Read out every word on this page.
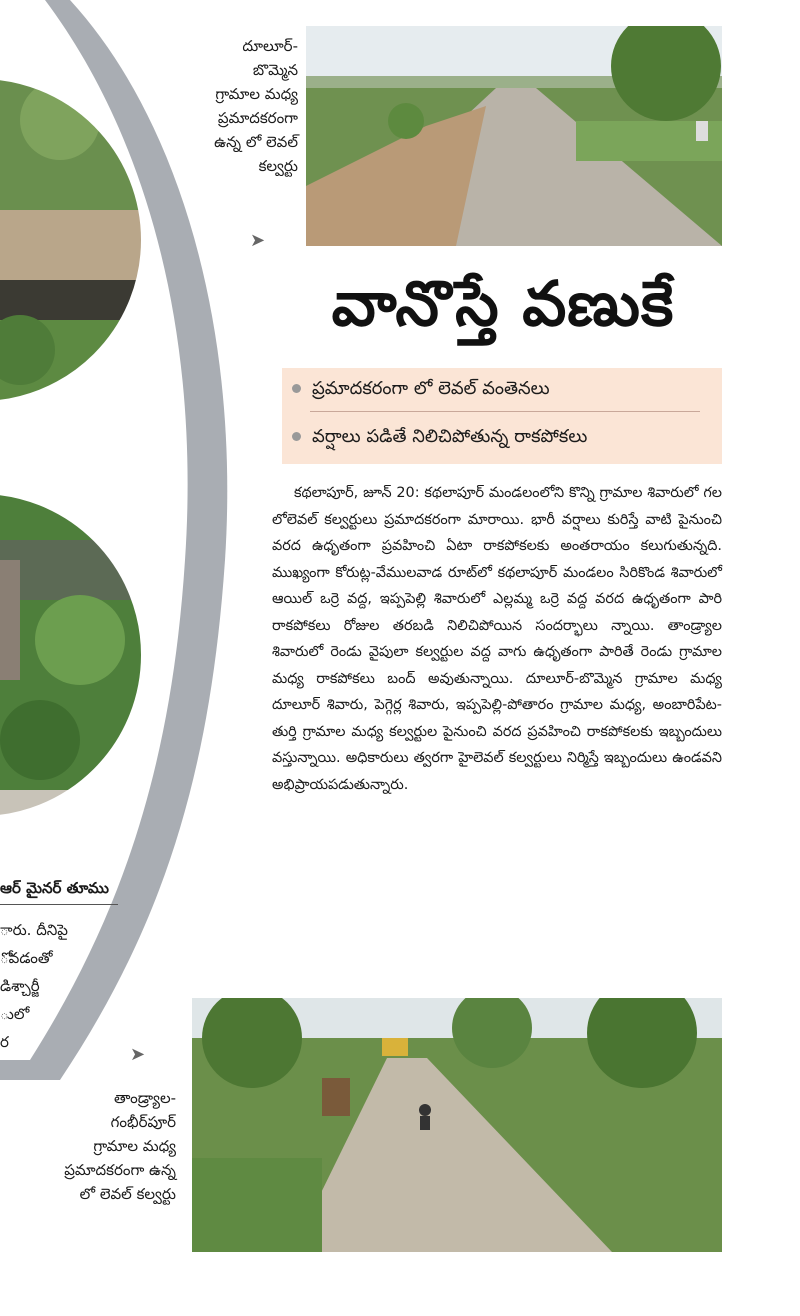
దూలూర్-
బొమ్మెన
గ్రామాల మధ్య
ప్రమాదకరంగా
ఉన్న లో లెవల్
కల్వర్టు
➤
వానొస్తే వణుకే
ప్రమాదకరంగా లో లెవల్ వంతెనలు
వర్షాలు పడితే నిలిచిపోతున్న రాకపోకలు
కథలాపూర్, జూన్ 20: కథలాపూర్ మండలంలోని కొన్ని గ్రామాల శివారులో గల లోలెవల్ కల్వర్టులు ప్రమాదకరంగా మారాయి. భారీ వర్షాలు కురిస్తే వాటి పైనుంచి వరద ఉధృతంగా ప్రవహించి ఏటా రాకపోకలకు అంతరాయం కలుగుతున్నది. ముఖ్యంగా కోరుట్ల-వేములవాడ రూట్‌లో కథలాపూర్ మండలం సిరికొండ శివారులో ఆయిల్ ఒర్రె వద్ద, ఇప్పపెల్లి శివారులో ఎల్లమ్మ ఒర్రె వద్ద వరద ఉధృతంగా పారి రాకపోకలు రోజుల తరబడి నిలిచిపోయిన సందర్భాలు న్నాయి. తాండ్ర్యాల శివారులో రెండు వైపులా కల్వర్టుల వద్ద వాగు ఉధృతంగా పారితే రెండు గ్రామాల మధ్య రాకపోకలు బంద్ అవుతున్నాయి. దూలూర్-బొమ్మెన గ్రామాల మధ్య దూలూర్ శివారు, పెగ్గెర్ల శివారు, ఇప్పపెల్లి-పోతారం గ్రామాల మధ్య, అంబారిపేట-తుర్తి గ్రామాల మధ్య కల్వర్టుల పైనుంచి వరద ప్రవహించి రాకపోకలకు ఇబ్బందులు వస్తున్నాయి. అధికారులు త్వరగా హైలెవల్ కల్వర్టులు నిర్మిస్తే ఇబ్బందులు ఉండవని అభిప్రాయపడుతున్నారు.
ఆర్ మైనర్ తూము
ారు. దీనిపై
ోవడంతో
డిశ్చార్జీ
ులో
ర
➤
తాండ్ర్యాల-
గంభీర్‌పూర్
గ్రామాల మధ్య
ప్రమాదకరంగా ఉన్న
లో లెవల్ కల్వర్టు
